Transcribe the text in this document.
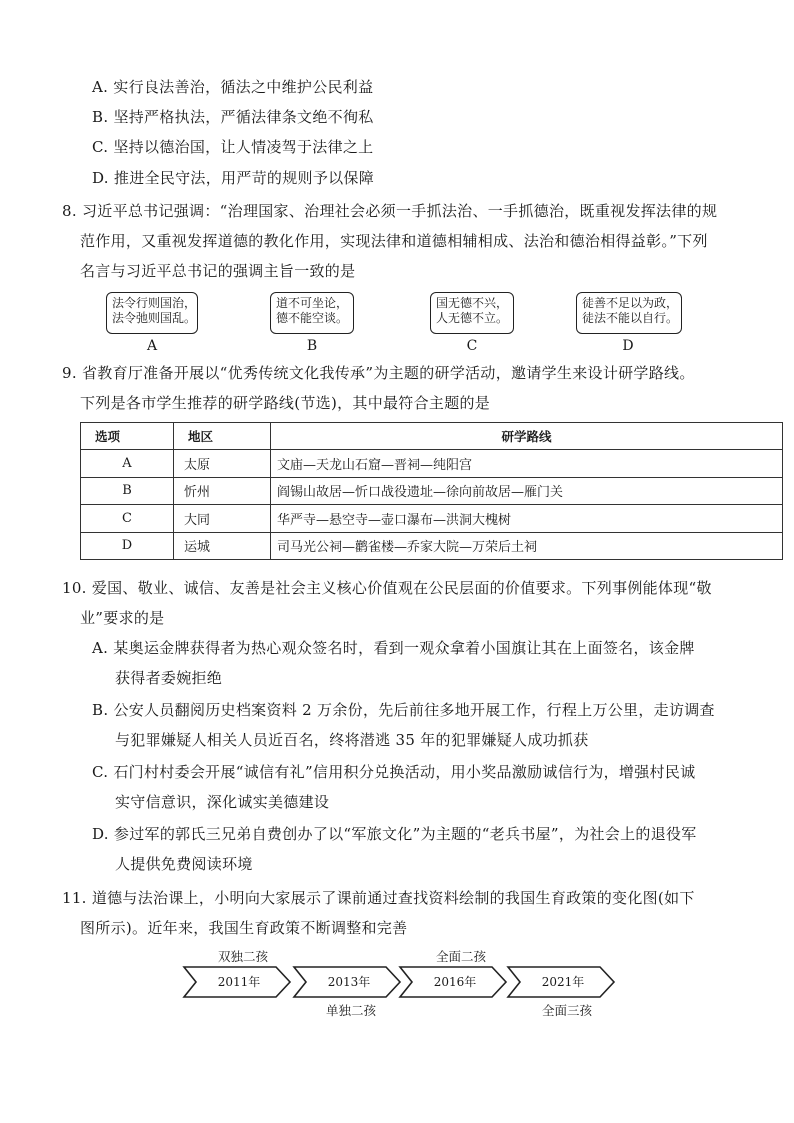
A. 实行良法善治，循法之中维护公民利益
B. 坚持严格执法，严循法律条文绝不徇私
C. 坚持以德治国，让人情凌驾于法律之上
D. 推进全民守法，用严苛的规则予以保障
8. 习近平总书记强调：“治理国家、治理社会必须一手抓法治、一手抓德治，既重视发挥法律的规
范作用，又重视发挥道德的教化作用，实现法律和道德相辅相成、法治和德治相得益彰。”下列
名言与习近平总书记的强调主旨一致的是
法令行则国治，
法令弛则国乱。
A
道不可坐论，
德不能空谈。
B
国无德不兴，
人无德不立。
C
徒善不足以为政，
徒法不能以自行。
D
9. 省教育厅准备开展以“优秀传统文化我传承”为主题的研学活动，邀请学生来设计研学路线。
下列是各市学生推荐的研学路线(节选)，其中最符合主题的是
选项	地区	研学路线
A	太原	文庙—天龙山石窟—晋祠—纯阳宫
B	忻州	阎锡山故居—忻口战役遗址—徐向前故居—雁门关
C	大同	华严寺—悬空寺—壶口瀑布—洪洞大槐树
D	运城	司马光公祠—鹳雀楼—乔家大院—万荣后土祠
10. 爱国、敬业、诚信、友善是社会主义核心价值观在公民层面的价值要求。下列事例能体现“敬
业”要求的是
A. 某奥运金牌获得者为热心观众签名时，看到一观众拿着小国旗让其在上面签名，该金牌
获得者委婉拒绝
B. 公安人员翻阅历史档案资料 2 万余份，先后前往多地开展工作，行程上万公里，走访调查
与犯罪嫌疑人相关人员近百名，终将潜逃 35 年的犯罪嫌疑人成功抓获
C. 石门村村委会开展“诚信有礼”信用积分兑换活动，用小奖品激励诚信行为，增强村民诚
实守信意识，深化诚实美德建设
D. 参过军的郭氏三兄弟自费创办了以“军旅文化”为主题的“老兵书屋”，为社会上的退役军
人提供免费阅读环境
11. 道德与法治课上，小明向大家展示了课前通过查找资料绘制的我国生育政策的变化图(如下
图所示)。近年来，我国生育政策不断调整和完善
双独二孩	全面二孩
2011年	2013年	2016年	2021年
单独二孩	全面三孩
